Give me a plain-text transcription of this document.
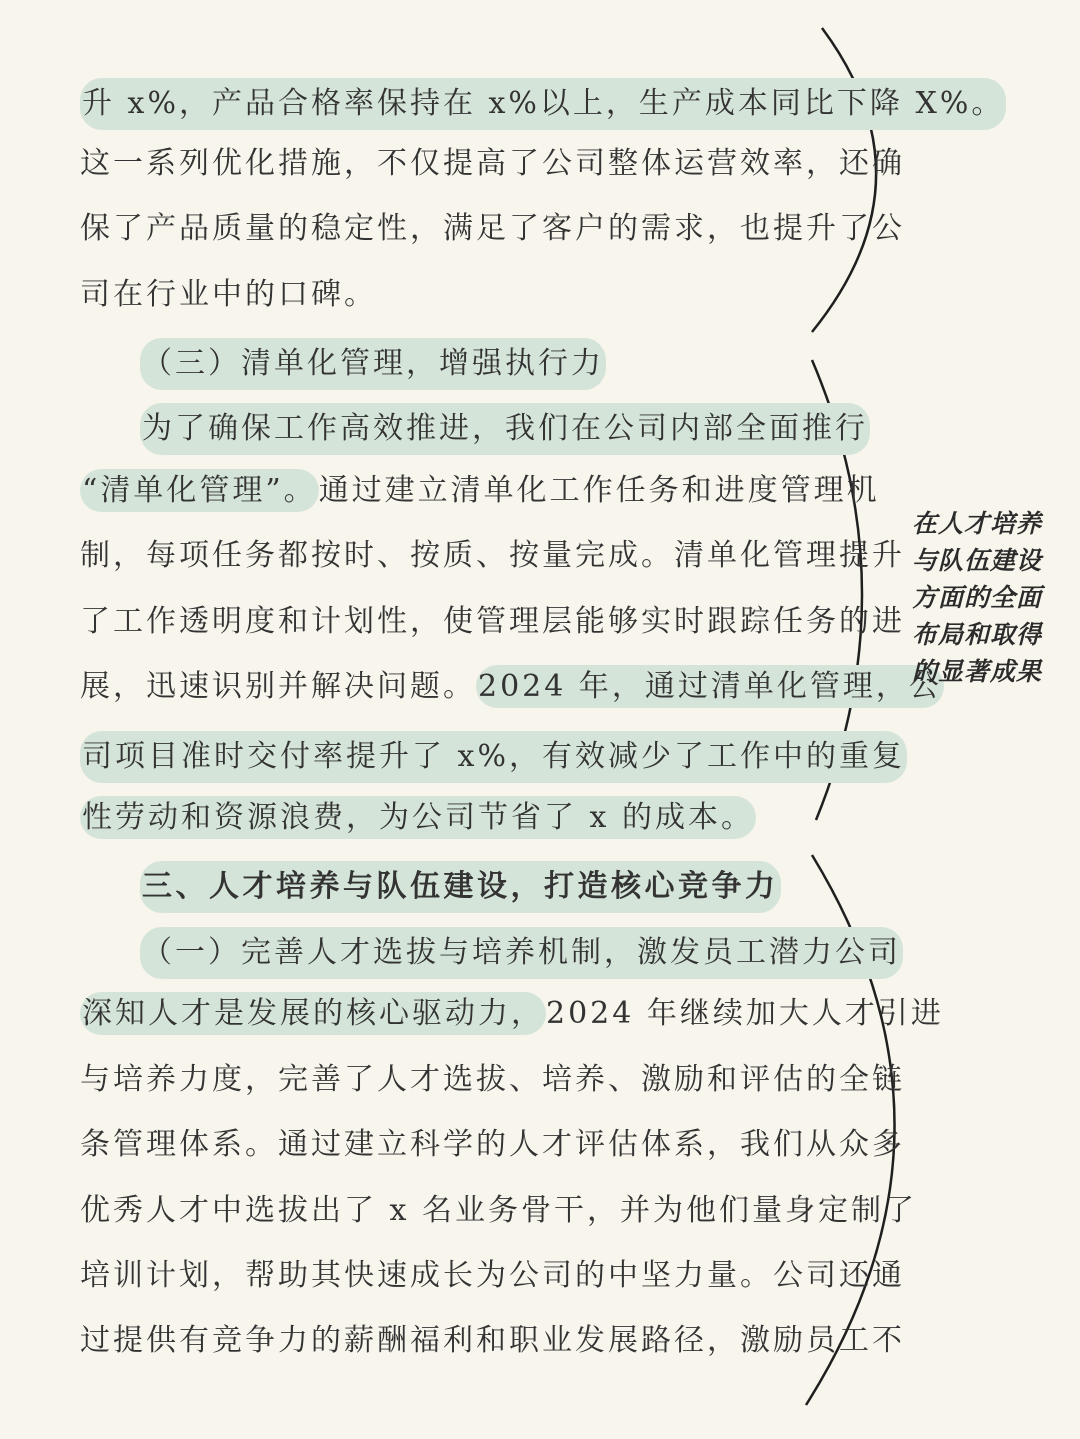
升 x%，产品合格率保持在 x%以上，生产成本同比下降 X%。
这一系列优化措施，不仅提高了公司整体运营效率，还确
保了产品质量的稳定性，满足了客户的需求，也提升了公
司在行业中的口碑。
（三）清单化管理，增强执行力
为了确保工作高效推进，我们在公司内部全面推行
“清单化管理”。通过建立清单化工作任务和进度管理机
制，每项任务都按时、按质、按量完成。清单化管理提升
了工作透明度和计划性，使管理层能够实时跟踪任务的进
展，迅速识别并解决问题。2024 年，通过清单化管理，公
司项目准时交付率提升了 x%，有效减少了工作中的重复
性劳动和资源浪费，为公司节省了 x 的成本。
三、人才培养与队伍建设，打造核心竞争力
（一）完善人才选拔与培养机制，激发员工潜力公司
深知人才是发展的核心驱动力，2024 年继续加大人才引进
与培养力度，完善了人才选拔、培养、激励和评估的全链
条管理体系。通过建立科学的人才评估体系，我们从众多
优秀人才中选拔出了 x 名业务骨干，并为他们量身定制了
培训计划，帮助其快速成长为公司的中坚力量。公司还通
过提供有竞争力的薪酬福利和职业发展路径，激励员工不
在人才培养
与队伍建设
方面的全面
布局和取得
的显著成果
